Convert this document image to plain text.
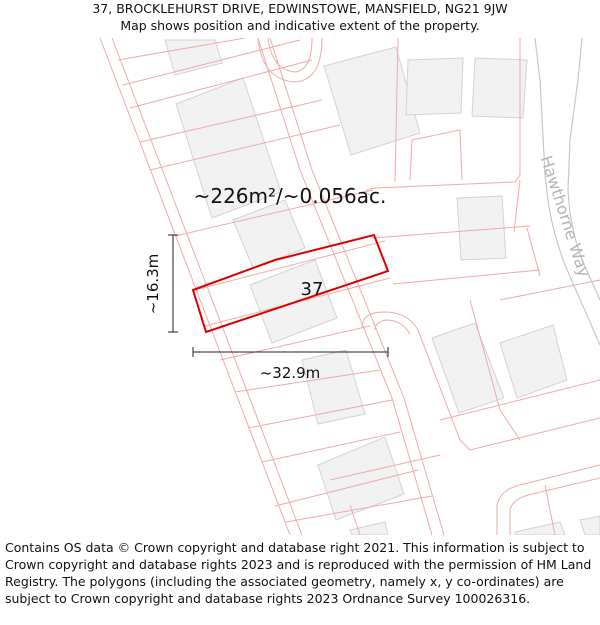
37, BROCKLEHURST DRIVE, EDWINSTOWE, MANSFIELD, NG21 9JW
Map shows position and indicative extent of the property.
~226m²/~0.056ac.
37
~16.3m
~32.9m
Hawthorne Way
Contains OS data © Crown copyright and database right 2021. This information is subject to Crown copyright and database rights 2023 and is reproduced with the permission of HM Land Registry. The polygons (including the associated geometry, namely x, y co-ordinates) are subject to Crown copyright and database rights 2023 Ordnance Survey 100026316.
